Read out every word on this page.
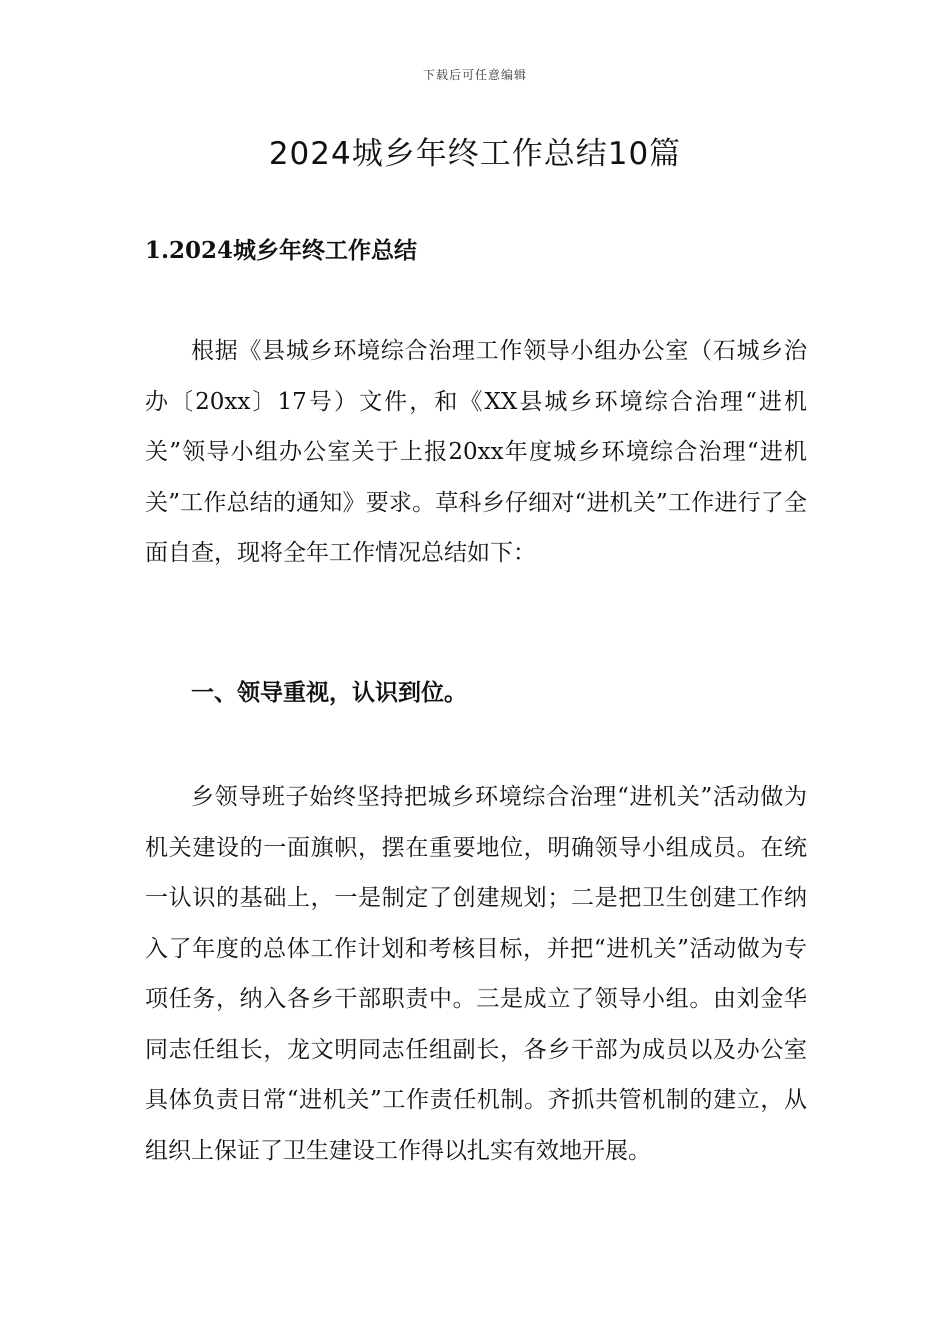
下载后可任意编辑
2024城乡年终工作总结10篇
1.2024城乡年终工作总结

根据《县城乡环境综合治理工作领导小组办公室（石城乡治办〔20xx〕17号）文件，和《XX县城乡环境综合治理“进机关”领导小组办公室关于上报20xx年度城乡环境综合治理“进机关”工作总结的通知》要求。草科乡仔细对“进机关”工作进行了全面自查，现将全年工作情况总结如下：

一、领导重视，认识到位。

乡领导班子始终坚持把城乡环境综合治理“进机关”活动做为机关建设的一面旗帜，摆在重要地位，明确领导小组成员。在统一认识的基础上，一是制定了创建规划；二是把卫生创建工作纳入了年度的总体工作计划和考核目标，并把“进机关”活动做为专项任务，纳入各乡干部职责中。三是成立了领导小组。由刘金华同志任组长，龙文明同志任组副长，各乡干部为成员以及办公室具体负责日常“进机关”工作责任机制。齐抓共管机制的建立，从组织上保证了卫生建设工作得以扎实有效地开展。
